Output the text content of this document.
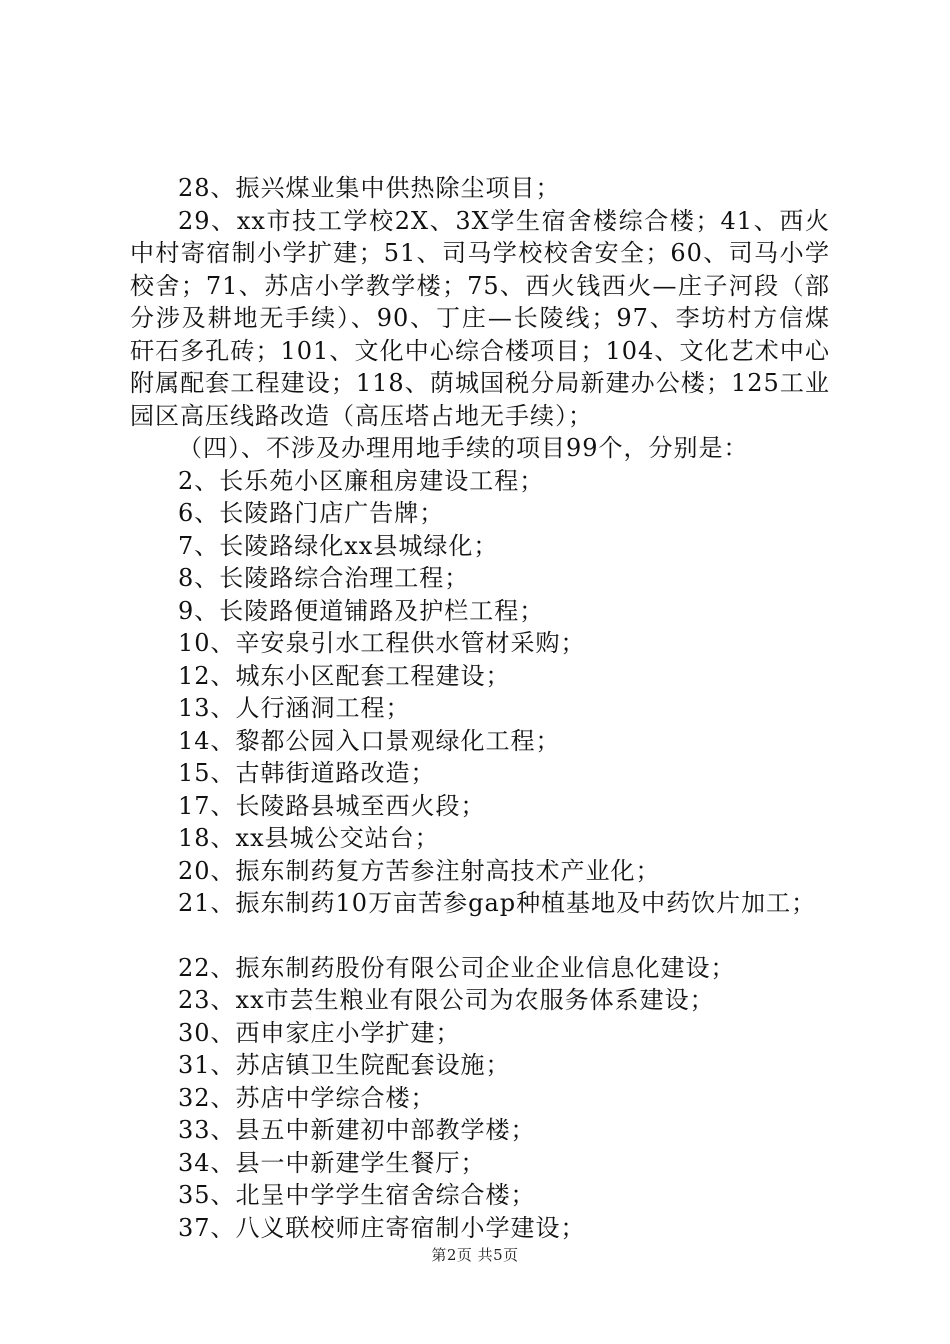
28、振兴煤业集中供热除尘项目；

29、xx市技工学校2X、3X学生宿舍楼综合楼；41、西火中村寄宿制小学扩建；51、司马学校校舍安全；60、司马小学校舍；71、苏店小学教学楼；75、西火钱西火—庄子河段（部分涉及耕地无手续）、90、丁庄—长陵线；97、李坊村方信煤矸石多孔砖；101、文化中心综合楼项目；104、文化艺术中心附属配套工程建设；118、荫城国税分局新建办公楼；125工业园区高压线路改造（高压塔占地无手续）；

（四）、不涉及办理用地手续的项目99个，分别是：

2、长乐苑小区廉租房建设工程；

6、长陵路门店广告牌；

7、长陵路绿化xx县城绿化；

8、长陵路综合治理工程；

9、长陵路便道铺路及护栏工程；

10、辛安泉引水工程供水管材采购；

12、城东小区配套工程建设；

13、人行涵洞工程；

14、黎都公园入口景观绿化工程；

15、古韩街道路改造；

17、长陵路县城至西火段；

18、xx县城公交站台；

20、振东制药复方苦参注射高技术产业化；

21、振东制药10万亩苦参gap种植基地及中药饮片加工；

22、振东制药股份有限公司企业企业信息化建设；

23、xx市芸生粮业有限公司为农服务体系建设；

30、西申家庄小学扩建；

31、苏店镇卫生院配套设施；

32、苏店中学综合楼；

33、县五中新建初中部教学楼；

34、县一中新建学生餐厅；

35、北呈中学学生宿舍综合楼；

37、八义联校师庄寄宿制小学建设；

第2页 共5页
